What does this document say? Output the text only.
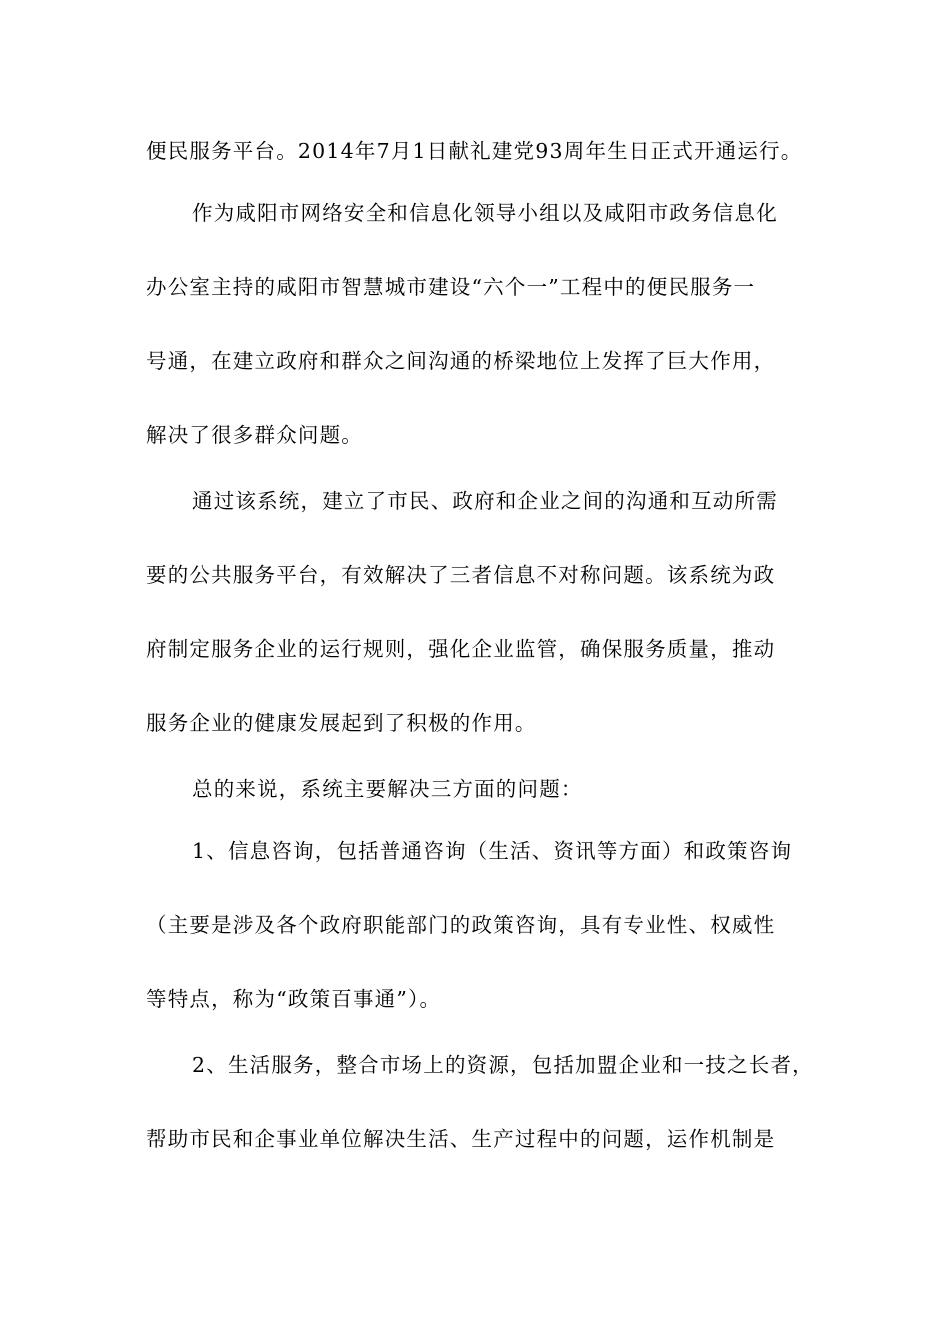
便民服务平台。2014年7月1日献礼建党93周年生日正式开通运行。
作为咸阳市网络安全和信息化领导小组以及咸阳市政务信息化
办公室主持的咸阳市智慧城市建设“六个一”工程中的便民服务一
号通，在建立政府和群众之间沟通的桥梁地位上发挥了巨大作用，
解决了很多群众问题。
通过该系统，建立了市民、政府和企业之间的沟通和互动所需
要的公共服务平台，有效解决了三者信息不对称问题。该系统为政
府制定服务企业的运行规则，强化企业监管，确保服务质量，推动
服务企业的健康发展起到了积极的作用。
总的来说，系统主要解决三方面的问题：
1、信息咨询，包括普通咨询（生活、资讯等方面）和政策咨询
（主要是涉及各个政府职能部门的政策咨询，具有专业性、权威性
等特点，称为“政策百事通”）。
2、生活服务，整合市场上的资源，包括加盟企业和一技之长者，
帮助市民和企事业单位解决生活、生产过程中的问题，运作机制是
